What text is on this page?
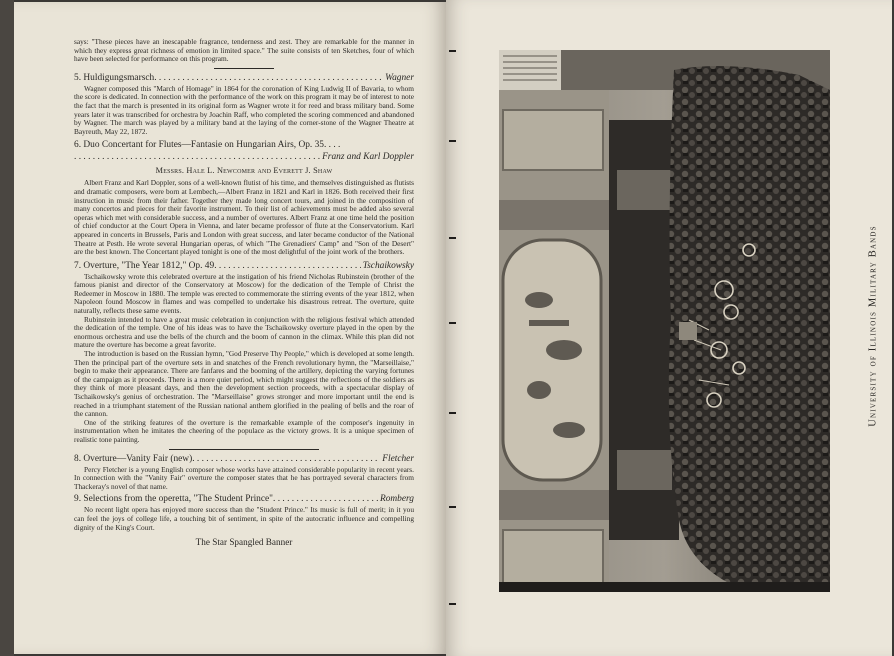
says: "These pieces have an inescapable fragrance, tenderness and zest. They are remarkable for the manner in which they express great richness of emotion in limited space." The suite consists of ten Sketches, four of which have been selected for performance on this program.

5. Huldigungsmarsch . . .	Wagner

Wagner composed this "March of Homage" in 1864 for the coronation of King Ludwig II of Bavaria, to whom the score is dedicated. In connection with the performance of the work on this program it may be of interest to note the fact that the march is presented in its original form as Wagner wrote it for reed and brass military band. Some years later it was transcribed for orchestra by Joachin Raff, who completed the scoring commenced and abandoned by Wagner. The march was played by a military band at the laying of the corner-stone of the Wagner Theatre at Bayreuth, May 22, 1872.

6. Duo Concertant for Flutes—Fantasie on Hungarian Airs, Op. 35. . . .
. . .
Franz and Karl Doppler
Messrs. Hale L. Newcomer and Everett J. Shaw

Albert Franz and Karl Doppler, sons of a well-known flutist of his time, and themselves distinguished as flutists and dramatic composers, were born at Lembech,—Albert Franz in 1821 and Karl in 1826. Both received their first instruction in music from their father. Together they made long concert tours, and joined in the composition of many concertos and pieces for their favorite instrument. To their list of achievements must be added also several operas which met with considerable success, and a number of overtures. Albert Franz at one time held the position of chief conductor at the Court Opera in Vienna, and later became professor of flute at the Conservatorium. Karl appeared in concerts in Brussels, Paris and London with great success, and later became conductor of the National Theatre at Pesth. He wrote several Hungarian operas, of which "The Grenadiers' Camp" and "Son of the Desert" are the best known. The Concertant played tonight is one of the most delightful of the joint work of the brothers.

7. Overture, "The Year 1812," Op. 49 . . .	Tschaikowsky

Tschaikowsky wrote this celebrated overture at the instigation of his friend Nicholas Rubinstein (brother of the famous pianist and director of the Conservatory at Moscow) for the dedication of the Temple of Christ the Redeemer in Moscow in 1880. The temple was erected to commemorate the stirring events of the year 1812, when Napoleon found Moscow in flames and was compelled to undertake his disastrous retreat. The overture, quite naturally, reflects these same events.

Rubinstein intended to have a great music celebration in conjunction with the religious festival which attended the dedication of the temple. One of his ideas was to have the Tschaikowsky overture played in the open by the enormous orchestra and use the bells of the church and the boom of cannon in the climax. While this plan did not mature the overture has become a great favorite.

The introduction is based on the Russian hymn, "God Preserve Thy People," which is developed at some length. Then the principal part of the overture sets in and snatches of the French revolutionary hymn, the "Marseillaise," begin to make their appearance. There are fanfares and the booming of the artillery, depicting the varying fortunes of the campaign as it proceeds. There is a more quiet period, which might suggest the reflections of the soldiers as they think of more pleasant days, and then the development section proceeds, with a spectacular display of Tschaikowsky's genius of orchestration. The "Marseillaise" grows stronger and more important until the end is reached in a triumphant statement of the Russian national anthem glorified in the pealing of bells and the roar of the cannon.

One of the striking features of the overture is the remarkable example of the composer's ingenuity in instrumentation when he imitates the cheering of the populace as the victory grows. It is a unique specimen of realistic tone painting.

8. Overture—Vanity Fair (new) . . .	Fletcher

Percy Fletcher is a young English composer whose works have attained considerable popularity in recent years. In connection with the "Vanity Fair" overture the composer states that he has portrayed several characters from Thackeray's novel of that name.

9. Selections from the operetta, "The Student Prince" . . .	Romberg

No recent light opera has enjoyed more success than the "Student Prince." Its music is full of merit; in it you can feel the joys of college life, a touching bit of sentiment, in spite of the autocratic influence and compelling dignity of the King's Court.

The Star Spangled Banner
University of Illinois Military Bands
